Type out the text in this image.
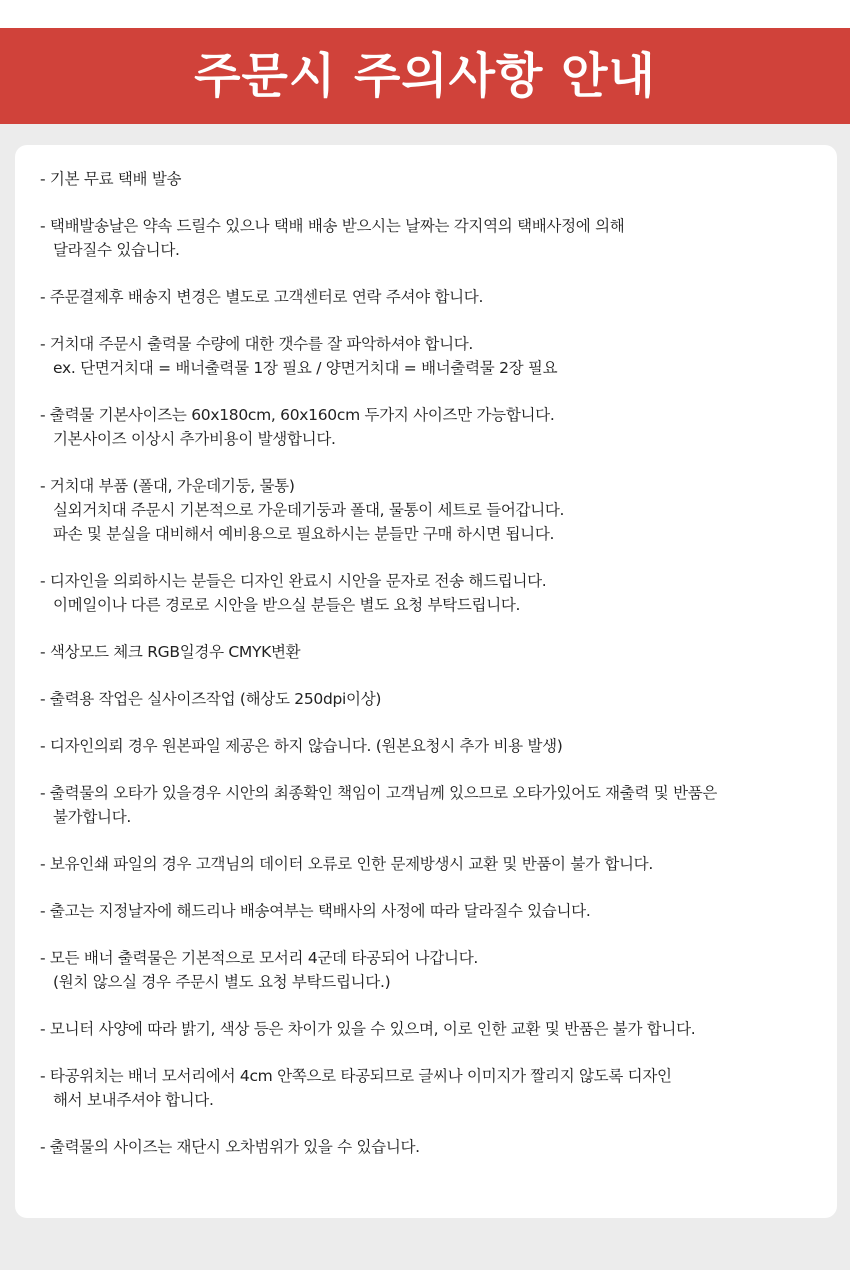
주문시 주의사항 안내
- 기본 무료 택배 발송
- 택배발송날은 약속 드릴수 있으나 택배 배송 받으시는 날짜는 각지역의 택배사정에 의해
달라질수 있습니다.
- 주문결제후 배송지 변경은 별도로 고객센터로 연락 주셔야 합니다.
- 거치대 주문시 출력물 수량에 대한 갯수를 잘 파악하셔야 합니다.
ex. 단면거치대 = 배너출력물 1장 필요 / 양면거치대 = 배너출력물 2장 필요
- 출력물 기본사이즈는 60x180cm, 60x160cm 두가지 사이즈만 가능합니다.
기본사이즈 이상시 추가비용이 발생합니다.
- 거치대 부품 (폴대, 가운데기둥, 물통)
실외거치대 주문시 기본적으로 가운데기둥과 폴대, 물통이 세트로 들어갑니다.
파손 및 분실을 대비해서 예비용으로 필요하시는 분들만 구매 하시면 됩니다.
- 디자인을 의뢰하시는 분들은 디자인 완료시 시안을 문자로 전송 해드립니다.
이메일이나 다른 경로로 시안을 받으실 분들은 별도 요청 부탁드립니다.
- 색상모드 체크 RGB일경우 CMYK변환
- 출력용 작업은 실사이즈작업 (해상도 250dpi이상)
- 디자인의뢰 경우 원본파일 제공은 하지 않습니다. (원본요청시 추가 비용 발생)
- 출력물의 오타가 있을경우 시안의 최종확인 책임이 고객님께 있으므로 오타가있어도 재출력 및 반품은
불가합니다.
- 보유인쇄 파일의 경우 고객님의 데이터 오류로 인한 문제방생시 교환 및 반품이 불가 합니다.
- 출고는 지정날자에 해드리나 배송여부는 택배사의 사정에 따라 달라질수 있습니다.
- 모든 배너 출력물은 기본적으로 모서리 4군데 타공되어 나갑니다.
(원치 않으실 경우 주문시 별도 요청 부탁드립니다.)
- 모니터 사양에 따라 밝기, 색상 등은 차이가 있을 수 있으며, 이로 인한 교환 및 반품은 불가 합니다.
- 타공위치는 배너 모서리에서 4cm 안쪽으로 타공되므로 글씨나 이미지가 짤리지 않도록 디자인
해서 보내주셔야 합니다.
- 출력물의 사이즈는 재단시 오차범위가 있을 수 있습니다.
